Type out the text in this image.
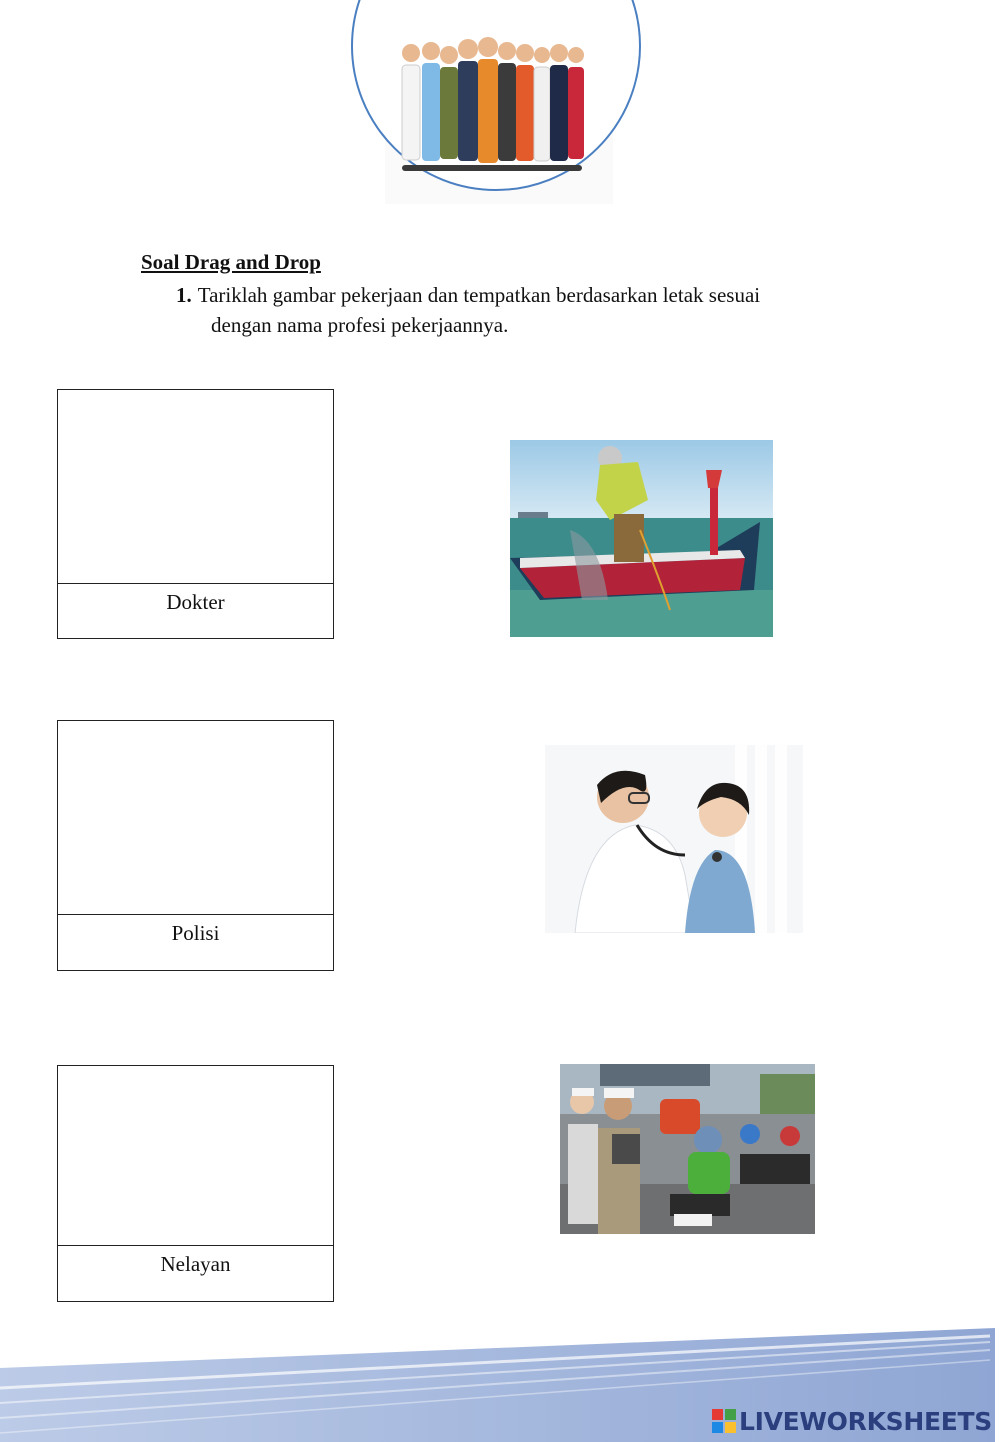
Soal Drag and Drop
1. Tariklah gambar pekerjaan dan tempatkan berdasarkan letak sesuai
dengan nama profesi pekerjaannya.
Dokter
Polisi
Nelayan
LIVEWORKSHEETS
